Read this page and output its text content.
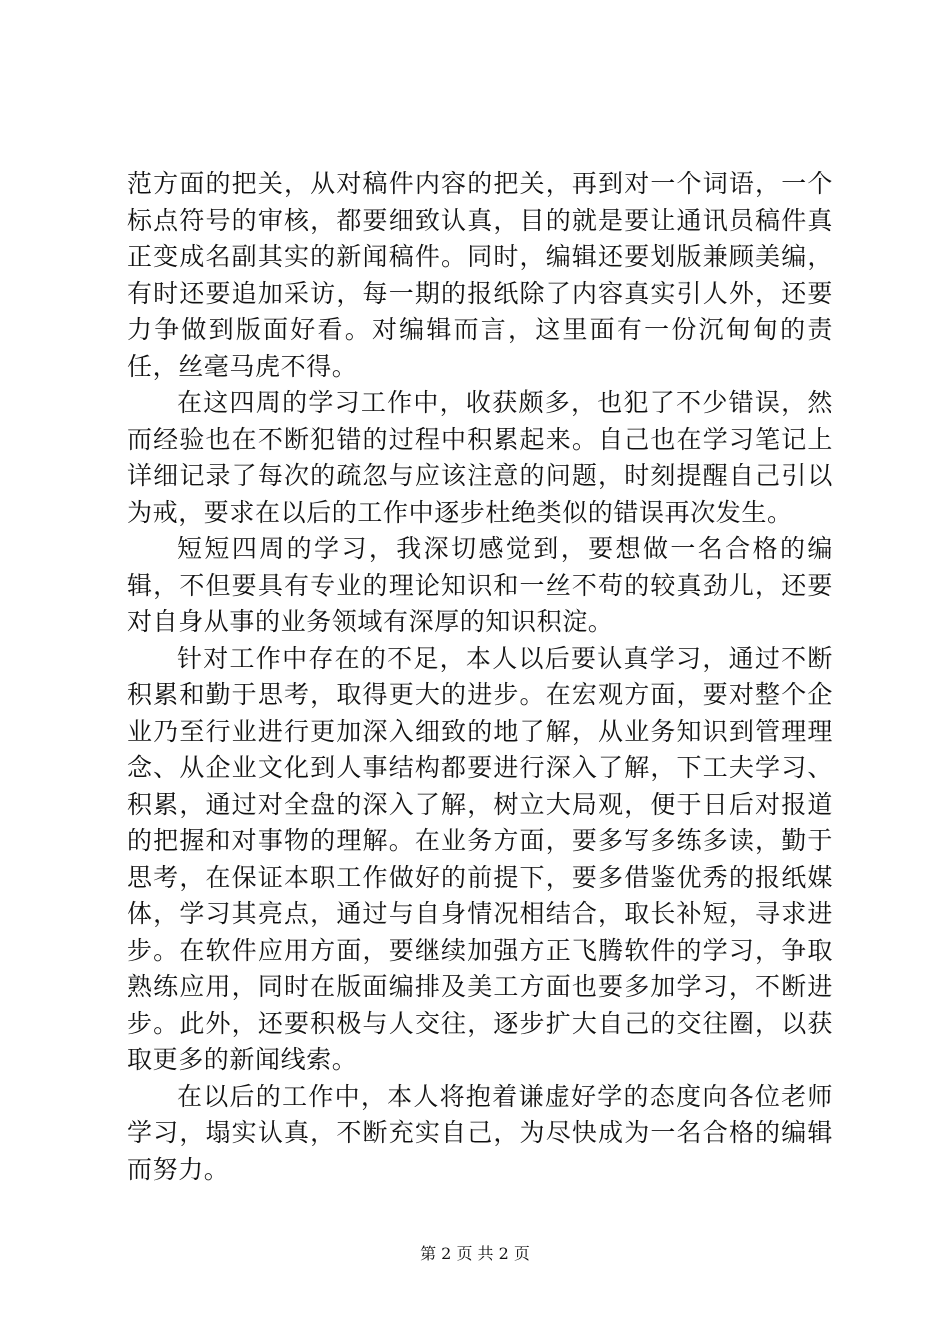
范方面的把关，从对稿件内容的把关，再到对一个词语，一个标点符号的审核，都要细致认真，目的就是要让通讯员稿件真正变成名副其实的新闻稿件。同时，编辑还要划版兼顾美编，有时还要追加采访，每一期的报纸除了内容真实引人外，还要力争做到版面好看。对编辑而言，这里面有一份沉甸甸的责任，丝毫马虎不得。

在这四周的学习工作中，收获颇多，也犯了不少错误，然而经验也在不断犯错的过程中积累起来。自己也在学习笔记上详细记录了每次的疏忽与应该注意的问题，时刻提醒自己引以为戒，要求在以后的工作中逐步杜绝类似的错误再次发生。

短短四周的学习，我深切感觉到，要想做一名合格的编辑，不但要具有专业的理论知识和一丝不苟的较真劲儿，还要对自身从事的业务领域有深厚的知识积淀。

针对工作中存在的不足，本人以后要认真学习，通过不断积累和勤于思考，取得更大的进步。在宏观方面，要对整个企业乃至行业进行更加深入细致的地了解，从业务知识到管理理念、从企业文化到人事结构都要进行深入了解，下工夫学习、积累，通过对全盘的深入了解，树立大局观，便于日后对报道的把握和对事物的理解。在业务方面，要多写多练多读，勤于思考，在保证本职工作做好的前提下，要多借鉴优秀的报纸媒体，学习其亮点，通过与自身情况相结合，取长补短，寻求进步。在软件应用方面，要继续加强方正飞腾软件的学习，争取熟练应用，同时在版面编排及美工方面也要多加学习，不断进步。此外，还要积极与人交往，逐步扩大自己的交往圈，以获取更多的新闻线索。

在以后的工作中，本人将抱着谦虚好学的态度向各位老师学习，塌实认真，不断充实自己，为尽快成为一名合格的编辑而努力。

第 2 页 共 2 页
